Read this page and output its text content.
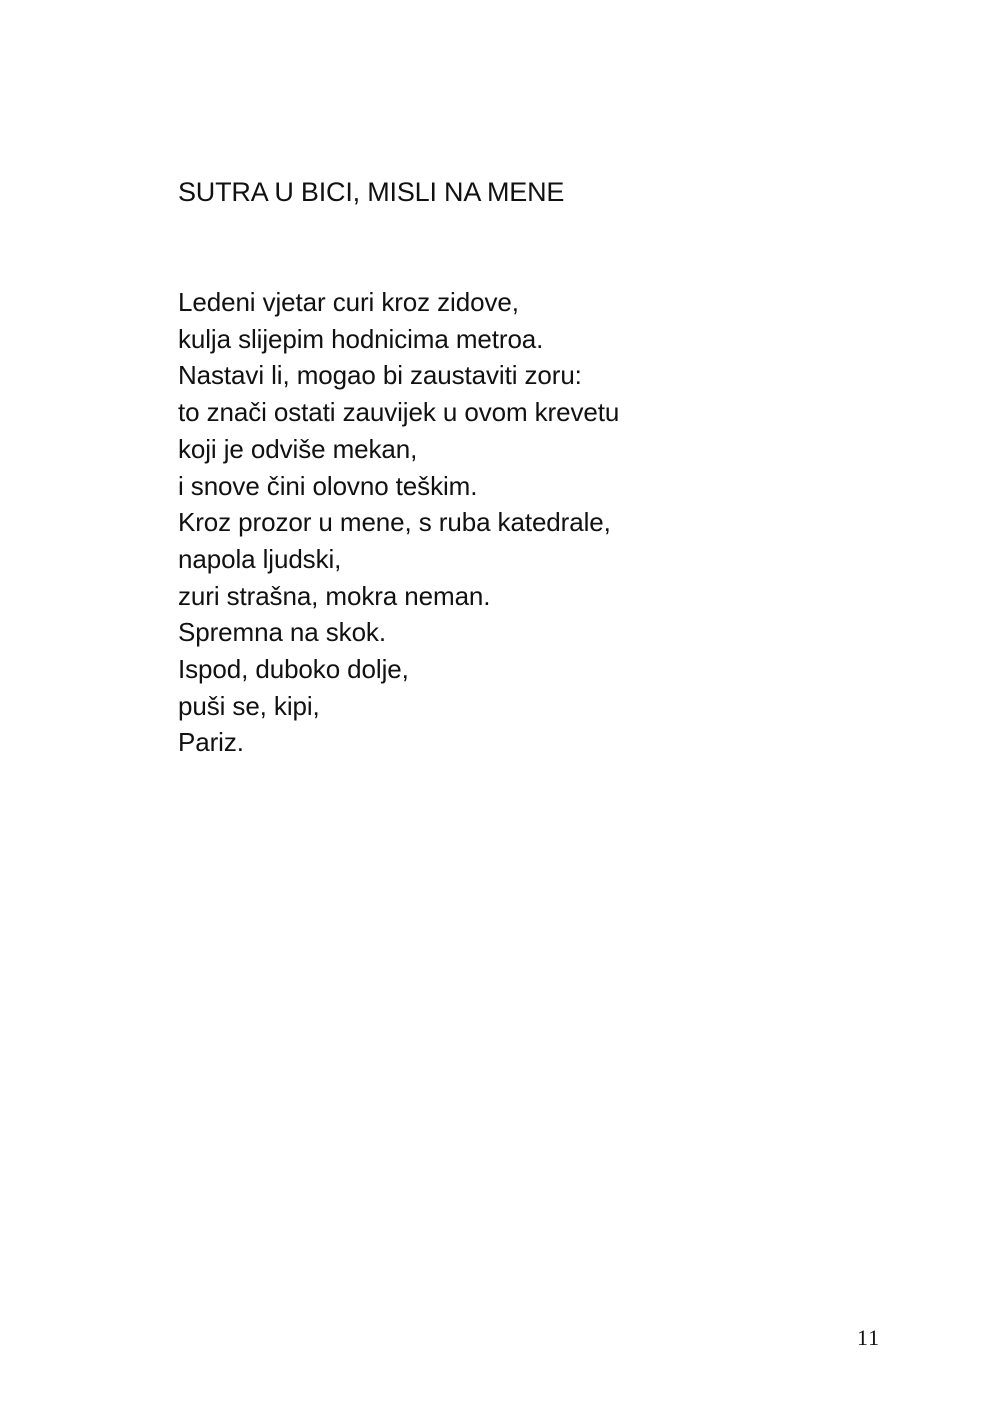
SUTRA U BICI, MISLI NA MENE
Ledeni vjetar curi kroz zidove,
kulja slijepim hodnicima metroa.
Nastavi li, mogao bi zaustaviti zoru:
to znači ostati zauvijek u ovom krevetu
koji je odviše mekan,
i snove čini olovno teškim.
Kroz prozor u mene, s ruba katedrale,
napola ljudski,
zuri strašna, mokra neman.
Spremna na skok.
Ispod, duboko dolje,
puši se, kipi,
Pariz.
11
